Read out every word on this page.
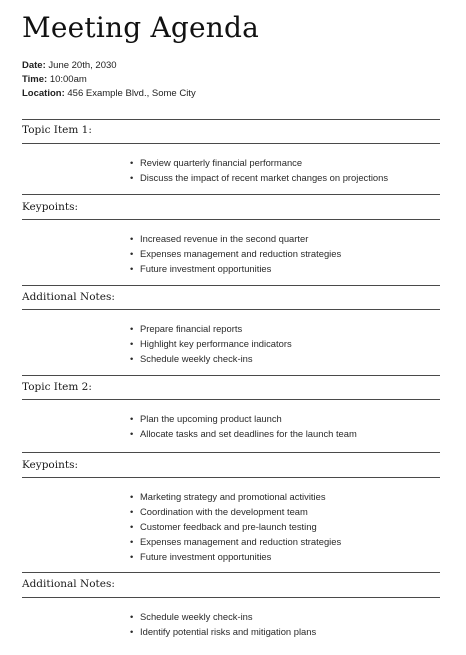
Meeting Agenda
Date: June 20th, 2030
Time: 10:00am
Location: 456 Example Blvd., Some City
Topic Item 1:
• Review quarterly financial performance
• Discuss the impact of recent market changes on projections
Keypoints:
• Increased revenue in the second quarter
• Expenses management and reduction strategies
• Future investment opportunities
Additional Notes:
• Prepare financial reports
• Highlight key performance indicators
• Schedule weekly check-ins
Topic Item 2:
• Plan the upcoming product launch
• Allocate tasks and set deadlines for the launch team
Keypoints:
• Marketing strategy and promotional activities
• Coordination with the development team
• Customer feedback and pre-launch testing
• Expenses management and reduction strategies
• Future investment opportunities
Additional Notes:
• Schedule weekly check-ins
• Identify potential risks and mitigation plans
